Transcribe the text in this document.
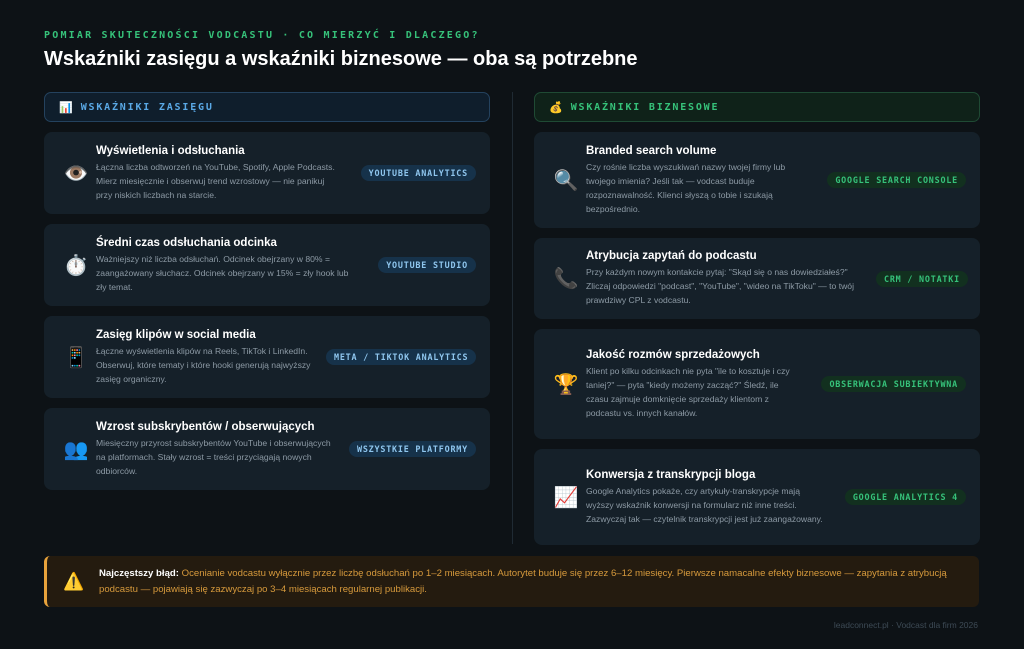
POMIAR SKUTECZNOŚCI VODCASTU · CO MIERZYĆ I DLACZEGO?
Wskaźniki zasięgu a wskaźniki biznesowe — oba są potrzebne
📊 WSKAŹNIKI ZASIĘGU
👁️
Wyświetlenia i odsłuchania
Łączna liczba odtworzeń na YouTube, Spotify, Apple Podcasts. Mierz miesięcznie i obserwuj trend wzrostowy — nie panikuj przy niskich liczbach na starcie.
YOUTUBE ANALYTICS
⏱️
Średni czas odsłuchania odcinka
Ważniejszy niż liczba odsłuchań. Odcinek obejrzany w 80% = zaangażowany słuchacz. Odcinek obejrzany w 15% = zły hook lub zły temat.
YOUTUBE STUDIO
📱
Zasięg klipów w social media
Łączne wyświetlenia klipów na Reels, TikTok i LinkedIn. Obserwuj, które tematy i które hooki generują najwyższy zasięg organiczny.
META / TIKTOK ANALYTICS
👥
Wzrost subskrybentów / obserwujących
Miesięczny przyrost subskrybentów YouTube i obserwujących na platformach. Stały wzrost = treści przyciągają nowych odbiorców.
WSZYSTKIE PLATFORMY
💰 WSKAŹNIKI BIZNESOWE
🔍
Branded search volume
Czy rośnie liczba wyszukiwań nazwy twojej firmy lub twojego imienia? Jeśli tak — vodcast buduje rozpoznawalność. Klienci słyszą o tobie i szukają bezpośrednio.
GOOGLE SEARCH CONSOLE
📞
Atrybucja zapytań do podcastu
Przy każdym nowym kontakcie pytaj: "Skąd się o nas dowiedziałeś?" Zliczaj odpowiedzi "podcast", "YouTube", "wideo na TikToku" — to twój prawdziwy CPL z vodcastu.
CRM / NOTATKI
🏆
Jakość rozmów sprzedażowych
Klient po kilku odcinkach nie pyta "ile to kosztuje i czy taniej?" — pyta "kiedy możemy zacząć?" Śledź, ile czasu zajmuje domknięcie sprzedaży klientom z podcastu vs. innych kanałów.
OBSERWACJA SUBIEKTYWNA
📈
Konwersja z transkrypcji bloga
Google Analytics pokaże, czy artykuły-transkrypcje mają wyższy wskaźnik konwersji na formularz niż inne treści. Zazwyczaj tak — czytelnik transkrypcji jest już zaangażowany.
GOOGLE ANALYTICS 4
⚠️	Najczęstszy błąd: Ocenianie vodcastu wyłącznie przez liczbę odsłuchań po 1–2 miesiącach. Autorytet buduje się przez 6–12 miesięcy. Pierwsze namacalne efekty biznesowe — zapytania z atrybucją podcastu — pojawiają się zazwyczaj po 3–4 miesiącach regularnej publikacji.
leadconnect.pl · Vodcast dla firm 2026
